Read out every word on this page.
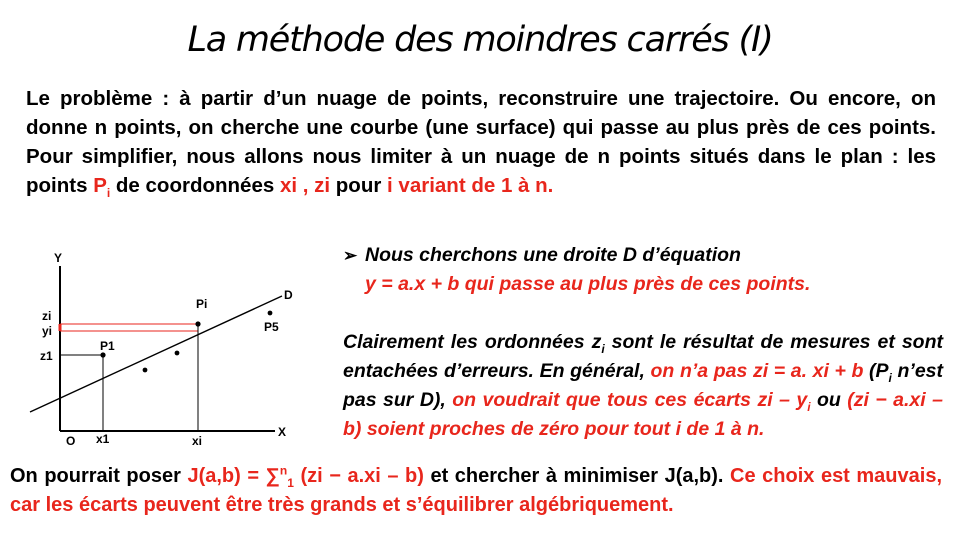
La méthode des moindres carrés (I)

Le problème : à partir d’un nuage de points, reconstruire une trajectoire. Ou encore, on donne n points, on cherche une courbe (une surface) qui passe au plus près de ces points. Pour simplifier, nous allons nous limiter à un nuage de n points situés dans le plan : les points $P_i$ de coordonnées xi , zi pour i variant de 1 à n.

Y
X
O
zi
yi
z1
x1	xi
P1
Pi
P5
D

➢ Nous cherchons une droite D d’équation

y = a.x + b qui passe au plus près de ces points.

Clairement les ordonnées $z_i$ sont le résultat de mesures et sont entachées d’erreurs. En général, on n’a pas zi = a. xi + b ($P_i$ n’est pas sur D), on voudrait que tous ces écarts zi – $y_i$ ou (zi − a.xi – b) soient proches de zéro pour tout i de 1 à n.

On pourrait poser J(a,b) = ∑$^n_1$ (zi − a.xi – b) et chercher à minimiser J(a,b). Ce choix est mauvais, car les écarts peuvent être très grands et s’équilibrer algébriquement.
